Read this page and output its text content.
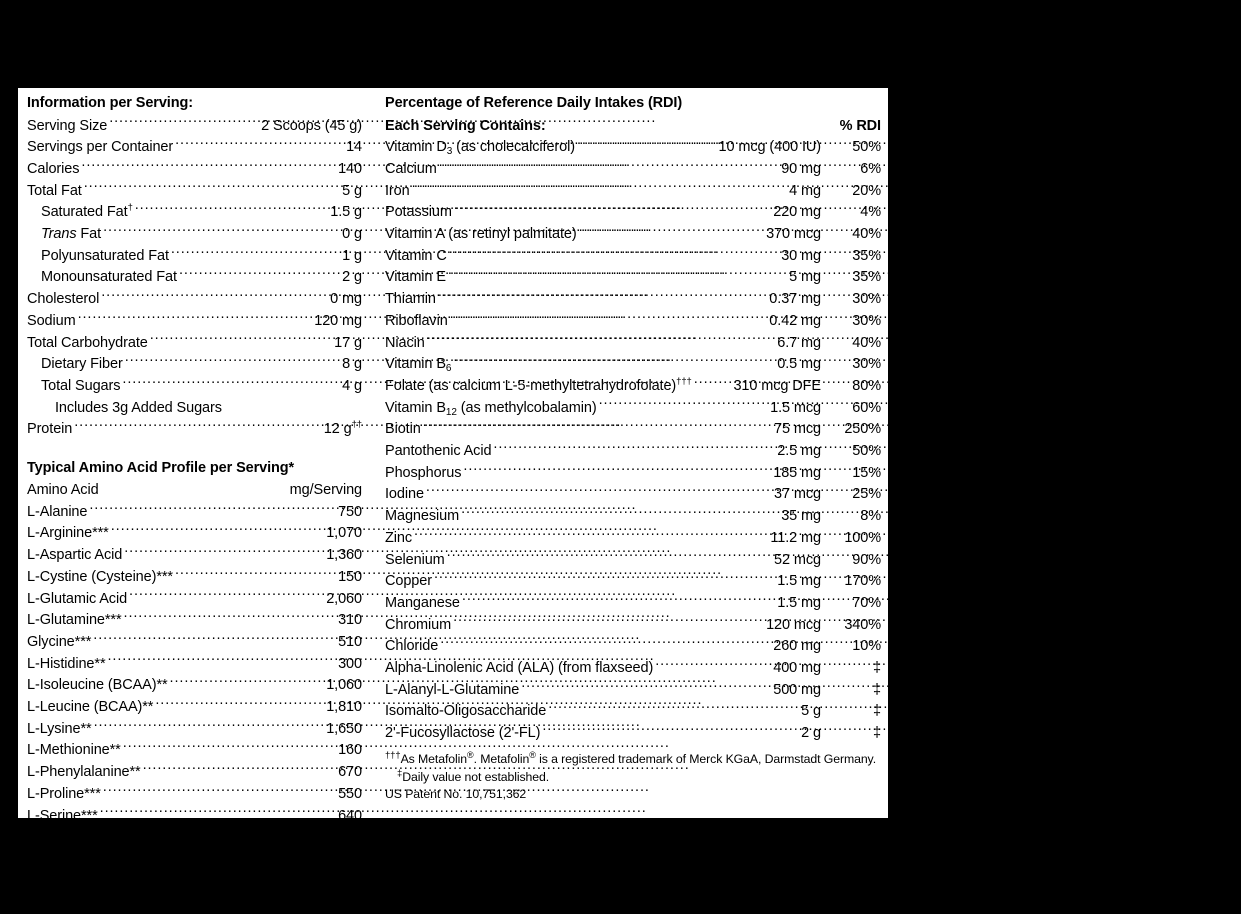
Information per Serving:
Serving Size .....	2 Scoops (45 g)
Servings per Container .....	14
Calories .....	140
Total Fat .....	5 g
Saturated Fat† .....	1.5 g
Trans Fat .....	0 g
Polyunsaturated Fat .....	1 g
Monounsaturated Fat .....	2 g
Cholesterol .....	0 mg
Sodium .....	120 mg
Total Carbohydrate .....	17 g
Dietary Fiber .....	8 g
Total Sugars .....	4 g
Includes 3g Added Sugars
Protein .....	12 g††
Typical Amino Acid Profile per Serving*
Amino Acid	mg/Serving
L-Alanine .....	750
L-Arginine*** .....	1,070
L-Aspartic Acid .....	1,360
L-Cystine (Cysteine)*** .....	150
L-Glutamic Acid .....	2,060
L-Glutamine*** .....	310
Glycine*** .....	510
L-Histidine** .....	300
L-Isoleucine (BCAA)** .....	1,060
L-Leucine (BCAA)** .....	1,810
L-Lysine** .....	1,650
L-Methionine** .....	160
L-Phenylalanine** .....	670
L-Proline*** .....	550
L-Serine*** .....	640
L-Threonine** .....	470
L-Tryptophan** .....	130
L-Tyrosine*** .....	490
L-Valine (BCAA)** .....	1,190
Percentage of Reference Daily Intakes (RDI)
Each Serving Contains:	% RDI
Vitamin $D_3$ (as cholecalciferol) .....	10 mcg (400 IU)	50%
Calcium .....	90 mg	6%
Iron .....	4 mg	20%
Potassium .....	220 mg	4%
Vitamin A (as retinyl palmitate) .....	370 mcg	40%
Vitamin C .....	30 mg	35%
Vitamin E .....	5 mg	35%
Thiamin .....	0.37 mg	30%
Riboflavin .....	0.42 mg	30%
Niacin .....	6.7 mg	40%
Vitamin $B_6$ .....	0.5 mg	30%
Folate (as calcium L-5-methyltetrahydrofolate)††† .....	310 mcg DFE	80%
Vitamin $B_{12}$ (as methylcobalamin) .....	1.5 mcg	60%
Biotin .....	75 mcg	250%
Pantothenic Acid .....	2.5 mg	50%
Phosphorus .....	185 mg	15%
Iodine .....	37 mcg	25%
Magnesium .....	35 mg	8%
Zinc .....	11.2 mg	100%
Selenium .....	52 mcg	90%
Copper .....	1.5 mg	170%
Manganese .....	1.5 mg	70%
Chromium .....	120 mcg	340%
Chloride .....	260 mg	10%
Alpha-Linolenic Acid (ALA) (from flaxseed) .....	400 mg	‡
L-Alanyl-L-Glutamine .....	500 mg	‡
Isomalto-Oligosaccharide .....	5 g	‡
2'-Fucosyllactose (2'-FL) .....	2 g	‡
†††As Metafolin®. Metafolin® is a registered trademark of Merck KGaA, Darmstadt Germany.
‡Daily value not established.
US Patent No. 10,751,362
